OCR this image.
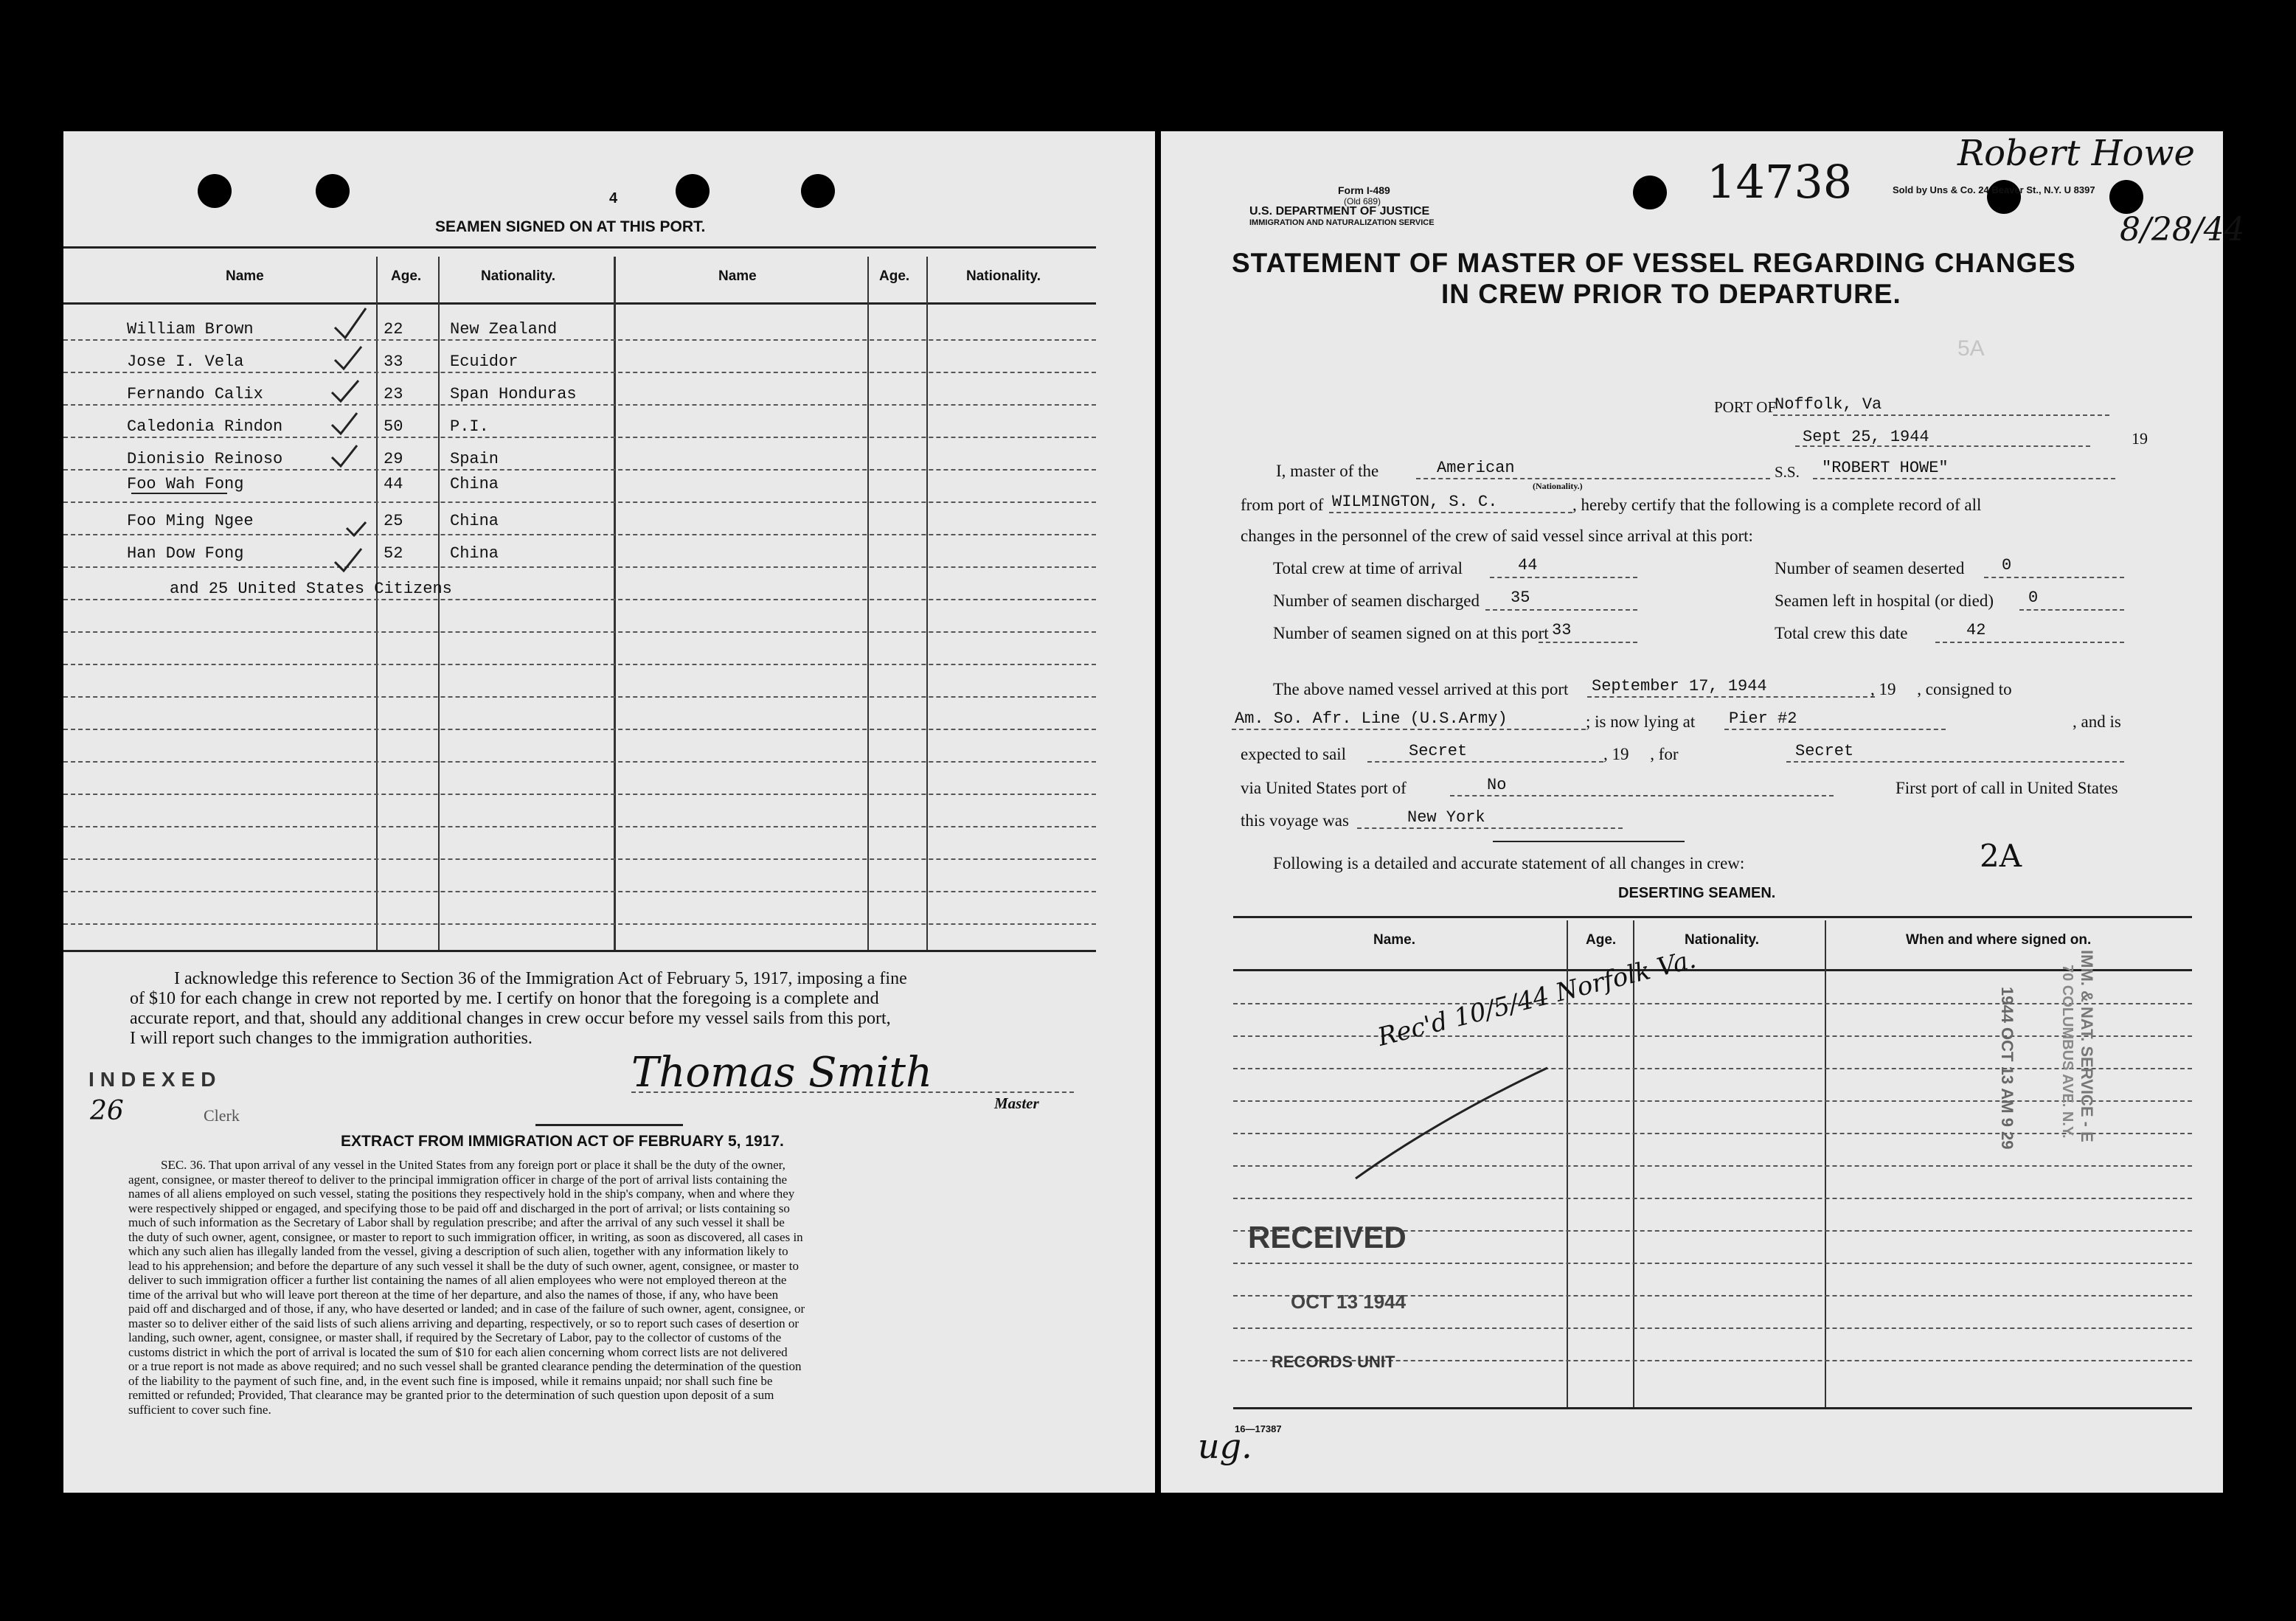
4
SEAMEN SIGNED ON AT THIS PORT.
Name	Age.	Nationality.	Name	Age.	Nationality.
William Brown	22	New Zealand
Jose I. Vela	33	Ecuidor
Fernando Calix	23	Span Honduras
Caledonia Rindon	50	P.I.
Dionisio Reinoso	29	Spain
Foo Wah Fong	44	China
Foo Ming Ngee	25	China
Han Dow Fong	52	China
and 25 United States Citizens
I acknowledge this reference to Section 36 of the Immigration Act of February 5, 1917, imposing a fine
of $10 for each change in crew not reported by me. I certify on honor that the foregoing is a complete and
accurate report, and that, should any additional changes in crew occur before my vessel sails from this port,
I will report such changes to the immigration authorities.
Thomas Smith
Master
INDEXED
26	Clerk
EXTRACT FROM IMMIGRATION ACT OF FEBRUARY 5, 1917.
SEC. 36. That upon arrival of any vessel in the United States from any foreign port or place it shall be the duty of the owner,
agent, consignee, or master thereof to deliver to the principal immigration officer in charge of the port of arrival lists containing the
names of all aliens employed on such vessel, stating the positions they respectively hold in the ship's company, when and where they
were respectively shipped or engaged, and specifying those to be paid off and discharged in the port of arrival; or lists containing so
much of such information as the Secretary of Labor shall by regulation prescribe; and after the arrival of any such vessel it shall be
the duty of such owner, agent, consignee, or master to report to such immigration officer, in writing, as soon as discovered, all cases in
which any such alien has illegally landed from the vessel, giving a description of such alien, together with any information likely to
lead to his apprehension; and before the departure of any such vessel it shall be the duty of such owner, agent, consignee, or master to
deliver to such immigration officer a further list containing the names of all alien employees who were not employed thereon at the
time of the arrival but who will leave port thereon at the time of her departure, and also the names of those, if any, who have been
paid off and discharged and of those, if any, who have deserted or landed; and in case of the failure of such owner, agent, consignee, or
master so to deliver either of the said lists of such aliens arriving and departing, respectively, or so to report such cases of desertion or
landing, such owner, agent, consignee, or master shall, if required by the Secretary of Labor, pay to the collector of customs of the
customs district in which the port of arrival is located the sum of $10 for each alien concerning whom correct lists are not delivered
or a true report is not made as above required; and no such vessel shall be granted clearance pending the determination of the question
of the liability to the payment of such fine, and, in the event such fine is imposed, while it remains unpaid; nor shall such fine be
remitted or refunded; Provided, That clearance may be granted prior to the determination of such question upon deposit of a sum
sufficient to cover such fine.
Form I-489
(Old 689)
U.S. DEPARTMENT OF JUSTICE
IMMIGRATION AND NATURALIZATION SERVICE
14738
Robert Howe
8/28/44
Sold by Uns & Co. 24 Beaver St., N.Y. U 8397
STATEMENT OF MASTER OF VESSEL REGARDING CHANGES
IN CREW PRIOR TO DEPARTURE.
5A
PORT OF
Noffolk, Va
Sept 25, 1944	19
I, master of the	American
(Nationality.)
S.S. "ROBERT HOWE"
from port of WILMINGTON, S. C.	, hereby certify that the following is a complete record of all
changes in the personnel of the crew of said vessel since arrival at this port:
Total crew at time of arrival	44	Number of seamen deserted 0
Number of seamen discharged 35	Seamen left in hospital (or died) 0
Number of seamen signed on at this port 33	Total crew this date	42
The above named vessel arrived at this port September 17, 1944	, 19     , consigned to
Am. So. Afr. Line (U.S.Army)	; is now lying at Pier #2	, and is
expected to sail	Secret	, 19     , for	Secret
via United States port of	No	First port of call in United States
this voyage was	New York
Following is a detailed and accurate statement of all changes in crew:	2A
DESERTING SEAMEN.
Name.	Age.	Nationality.	When and where signed on.
Rec'd 10/5/44 Norfolk Va.
RECEIVED
OCT 13 1944
RECORDS UNIT
1944 OCT 13 AM 9 29	IMM. & NAT. SERVICE - E
70 COLUMBUS AVE. N.Y.
16—17387
ug.
